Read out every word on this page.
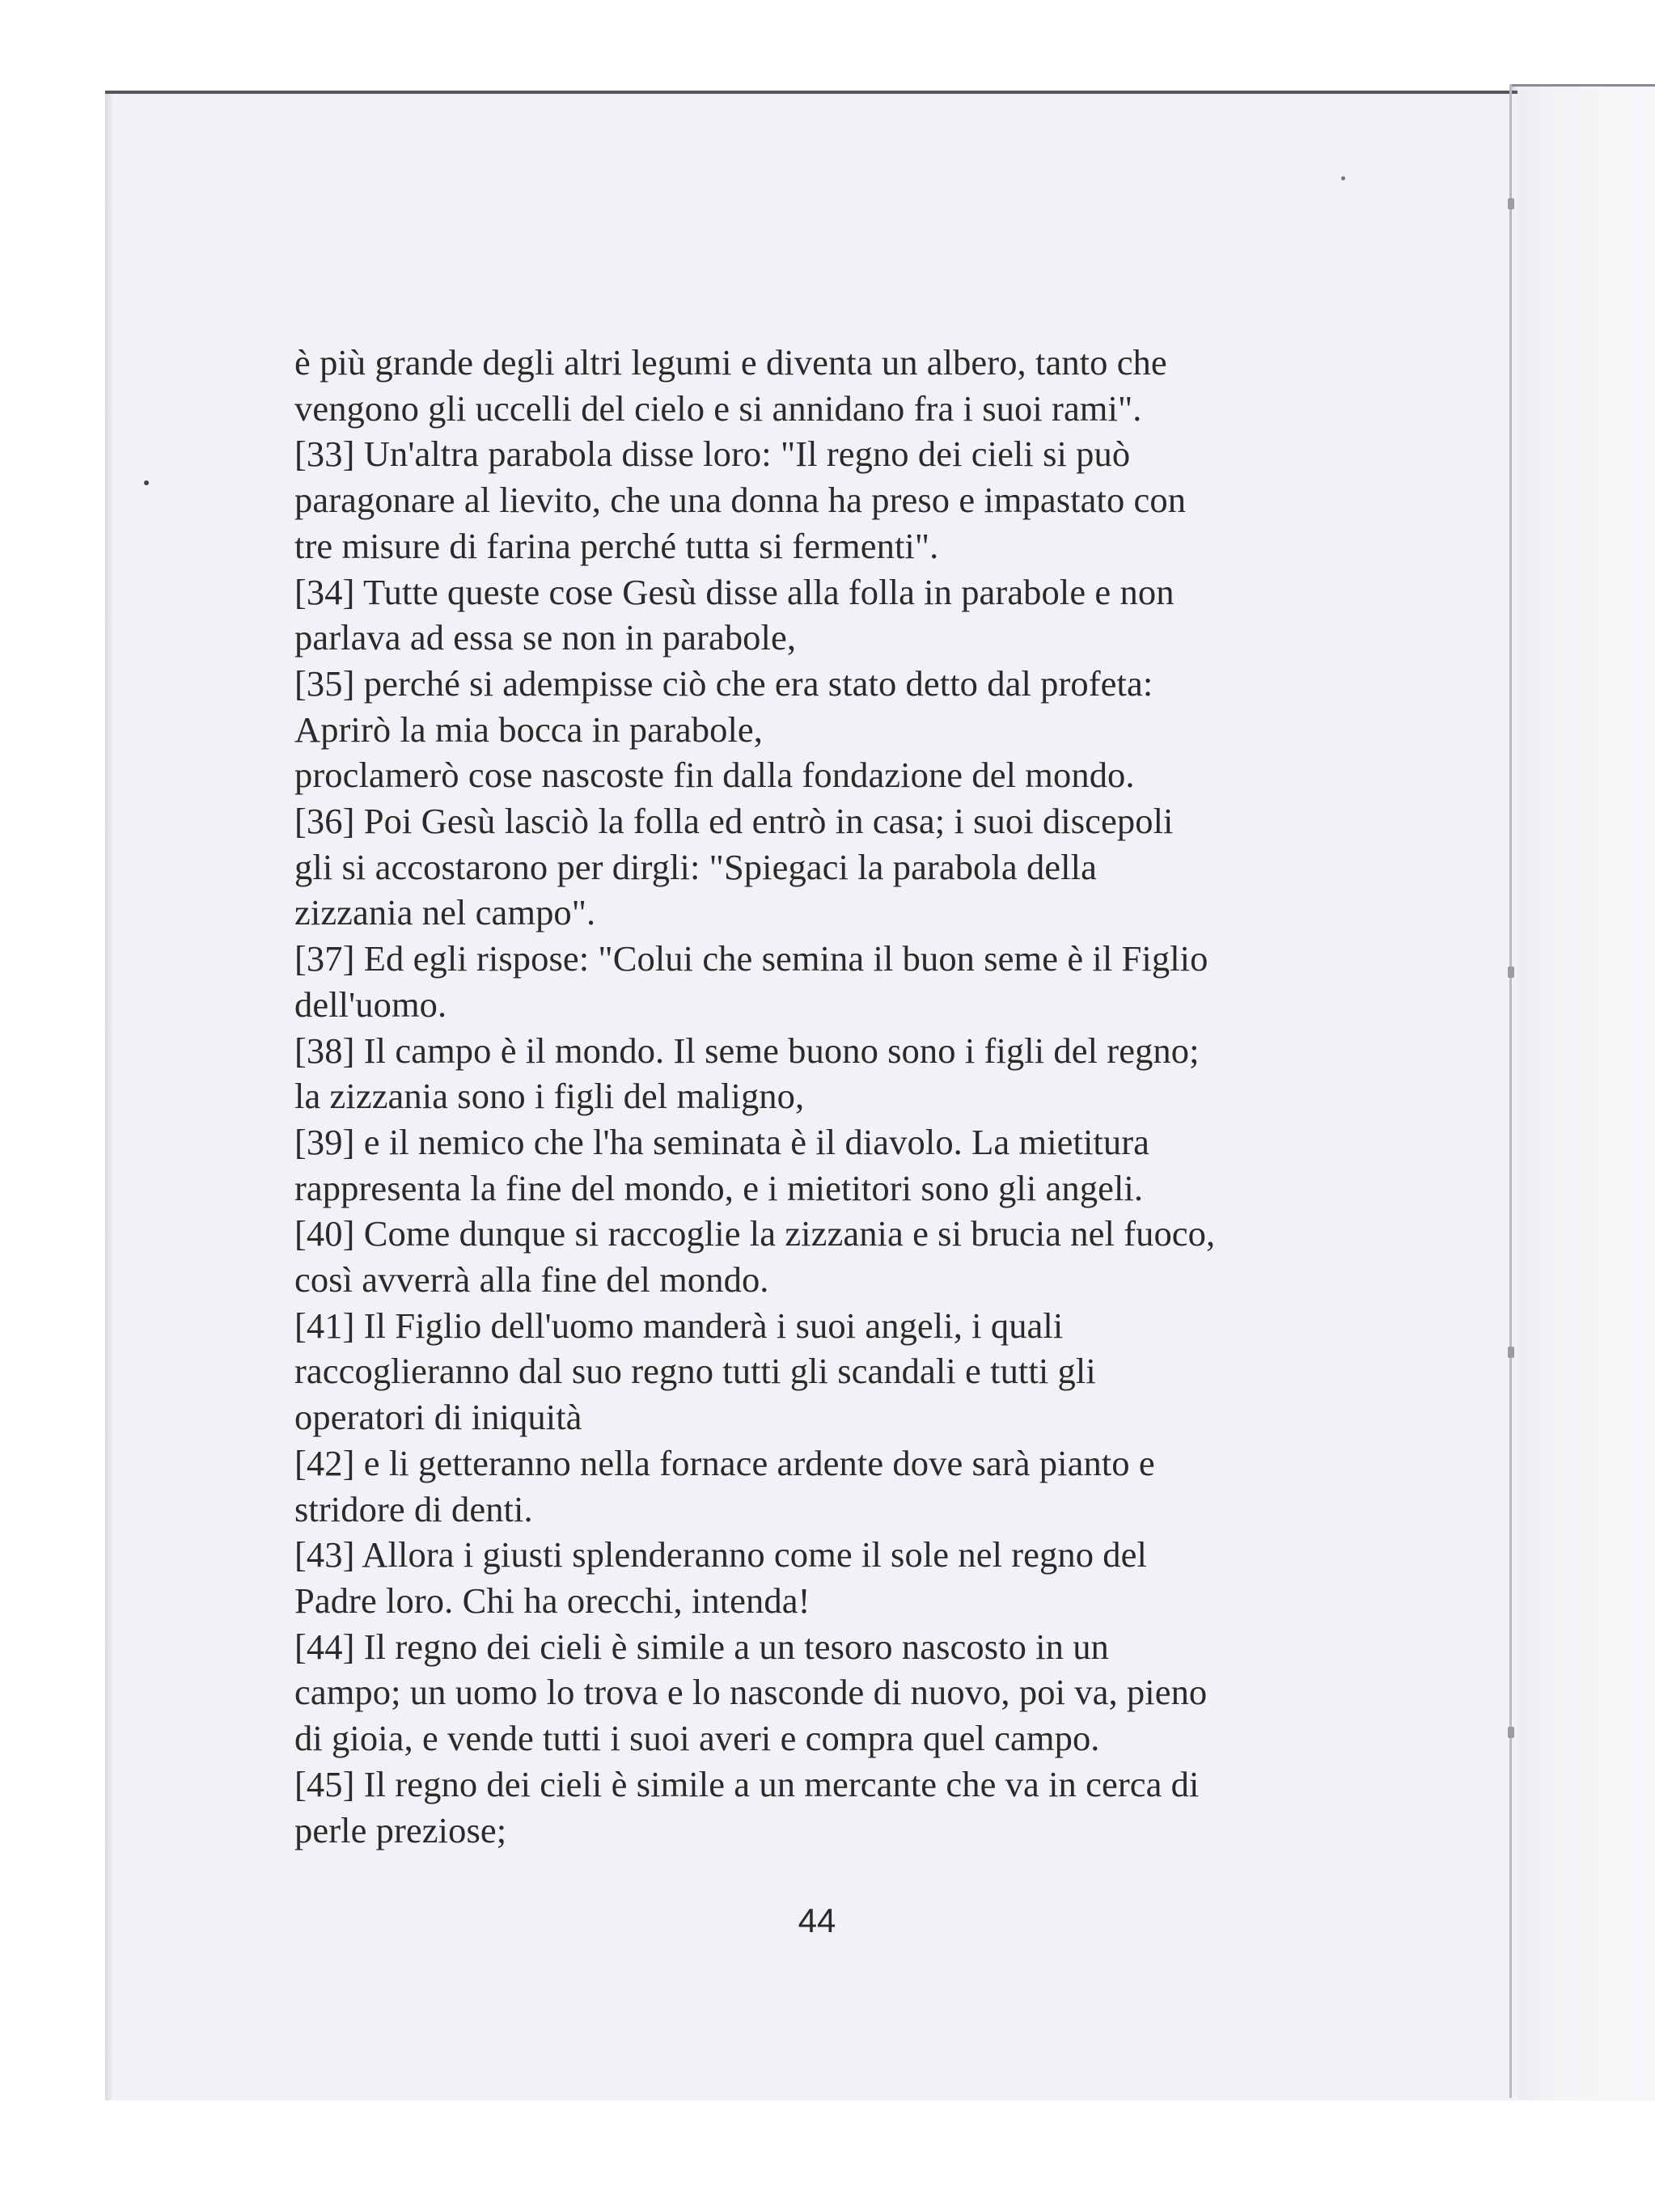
è più grande degli altri legumi e diventa un albero, tanto che
vengono gli uccelli del cielo e si annidano fra i suoi rami".
[33] Un'altra parabola disse loro: "Il regno dei cieli si può
paragonare al lievito, che una donna ha preso e impastato con
tre misure di farina perché tutta si fermenti".
[34] Tutte queste cose Gesù disse alla folla in parabole e non
parlava ad essa se non in parabole,
[35] perché si adempisse ciò che era stato detto dal profeta:
Aprirò la mia bocca in parabole,
proclamerò cose nascoste fin dalla fondazione del mondo.
[36] Poi Gesù lasciò la folla ed entrò in casa; i suoi discepoli
gli si accostarono per dirgli: "Spiegaci la parabola della
zizzania nel campo".
[37] Ed egli rispose: "Colui che semina il buon seme è il Figlio
dell'uomo.
[38] Il campo è il mondo. Il seme buono sono i figli del regno;
la zizzania sono i figli del maligno,
[39] e il nemico che l'ha seminata è il diavolo. La mietitura
rappresenta la fine del mondo, e i mietitori sono gli angeli.
[40] Come dunque si raccoglie la zizzania e si brucia nel fuoco,
così avverrà alla fine del mondo.
[41] Il Figlio dell'uomo manderà i suoi angeli, i quali
raccoglieranno dal suo regno tutti gli scandali e tutti gli
operatori di iniquità
[42] e li getteranno nella fornace ardente dove sarà pianto e
stridore di denti.
[43] Allora i giusti splenderanno come il sole nel regno del
Padre loro. Chi ha orecchi, intenda!
[44] Il regno dei cieli è simile a un tesoro nascosto in un
campo; un uomo lo trova e lo nasconde di nuovo, poi va, pieno
di gioia, e vende tutti i suoi averi e compra quel campo.
[45] Il regno dei cieli è simile a un mercante che va in cerca di
perle preziose;
44
